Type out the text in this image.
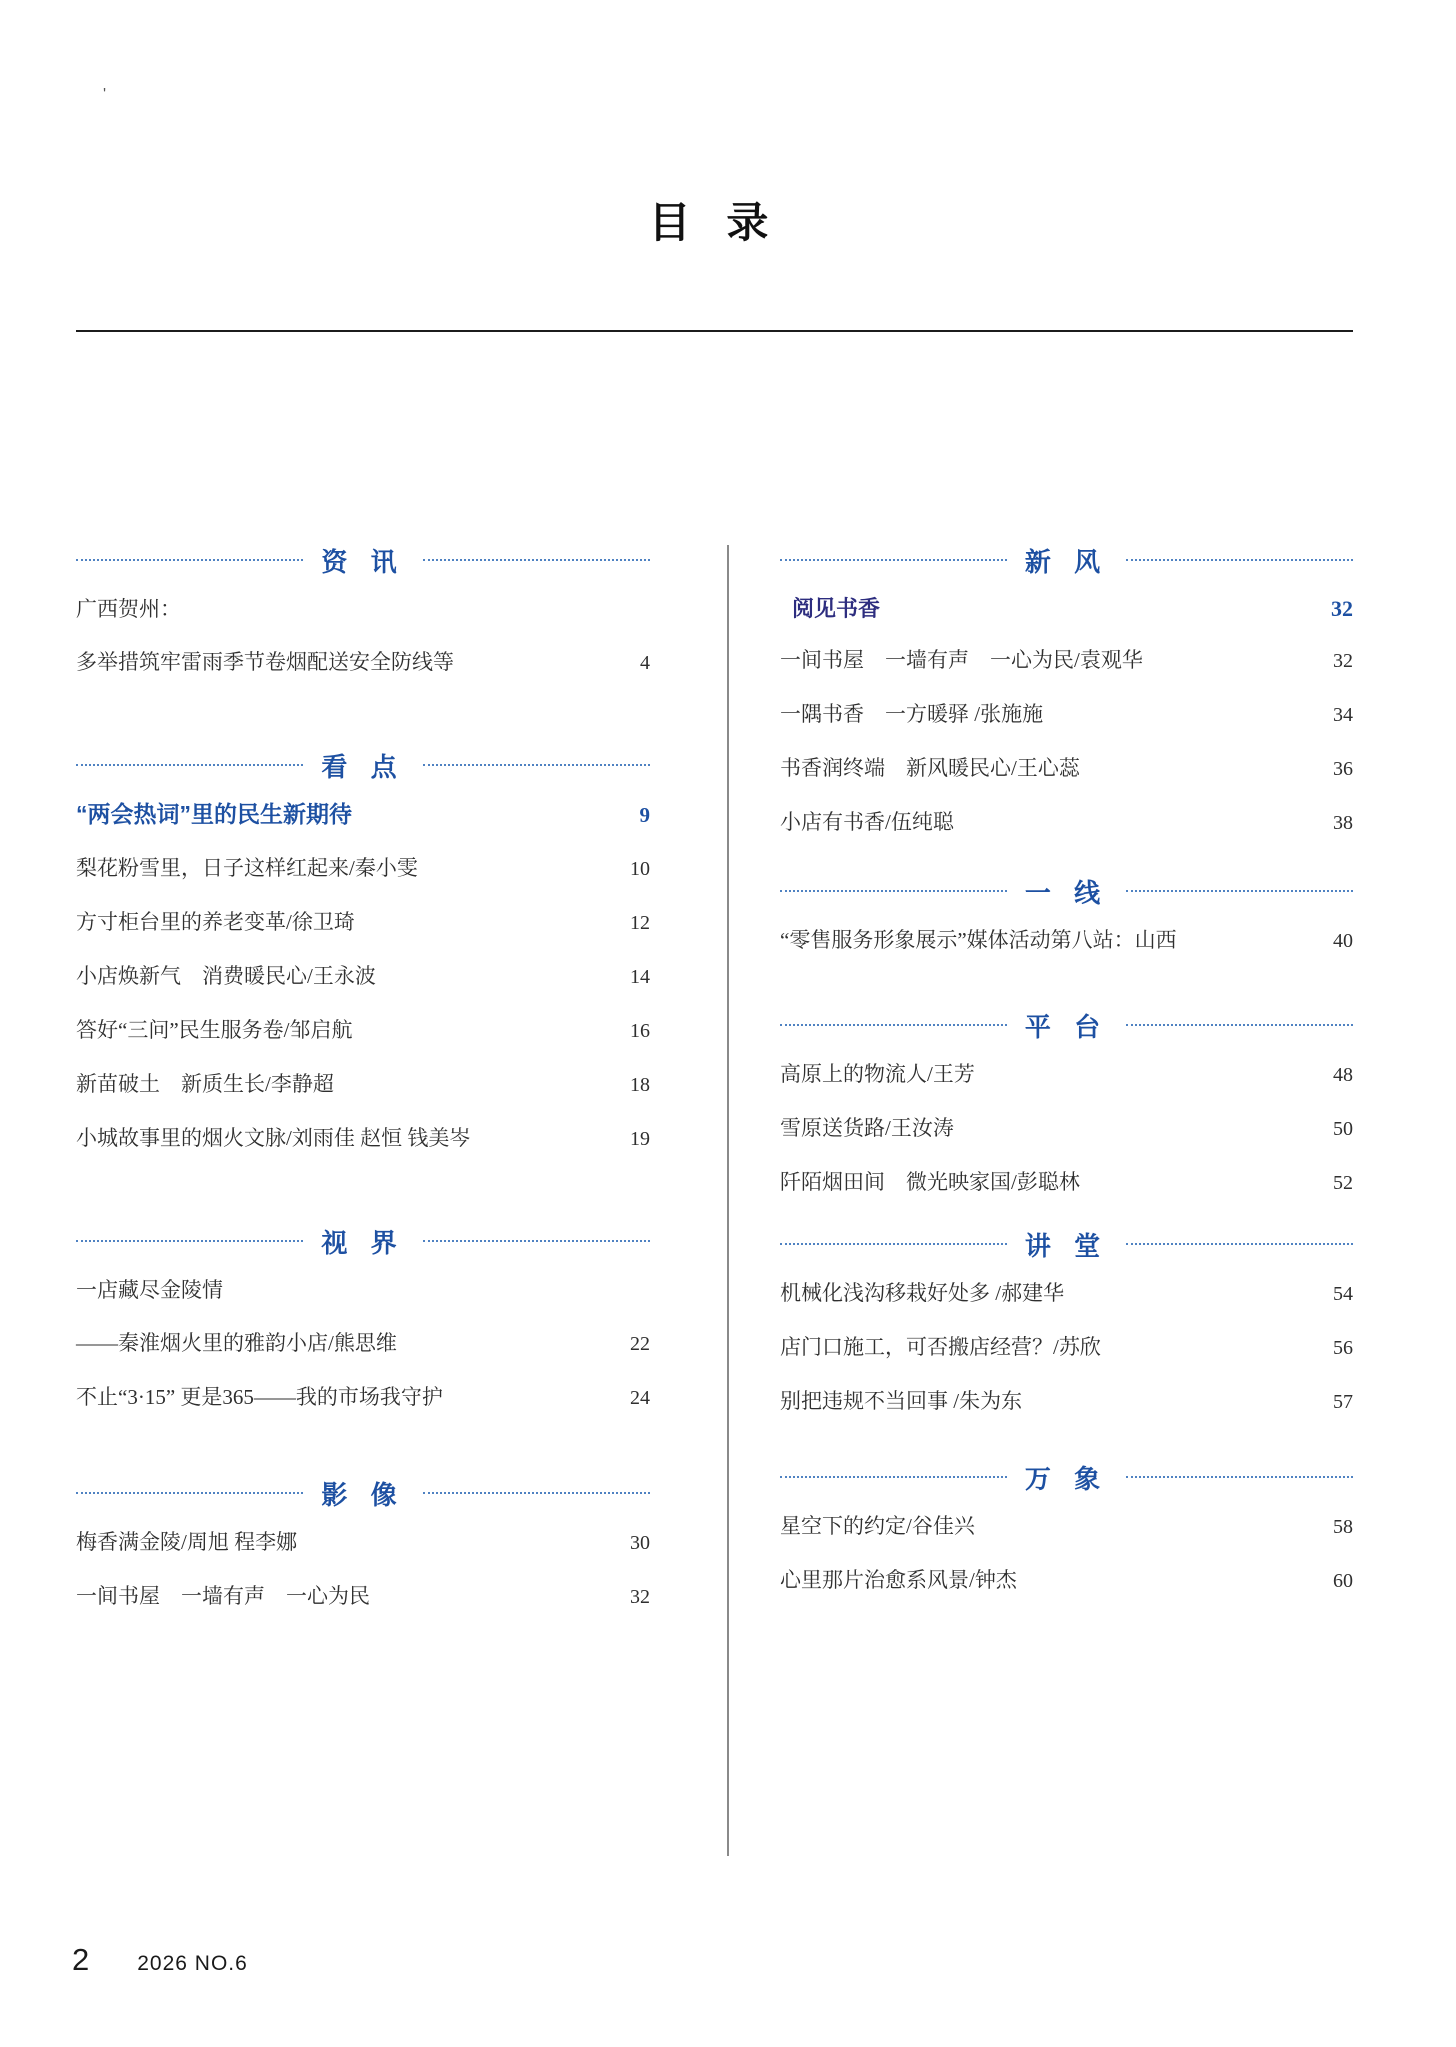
'
目 录
资 讯
广西贺州：
多举措筑牢雷雨季节卷烟配送安全防线等	4
看 点
“两会热词”里的民生新期待	9
梨花粉雪里，日子这样红起来/秦小雯	10
方寸柜台里的养老变革/徐卫琦	12
小店焕新气　消费暖民心/王永波	14
答好“三问”民生服务卷/邹启航	16
新苗破土　新质生长/李静超	18
小城故事里的烟火文脉/刘雨佳 赵恒 钱美岑	19
视 界
一店藏尽金陵情
——秦淮烟火里的雅韵小店/熊思维	22
不止“3·15” 更是365——我的市场我守护	24
影 像
梅香满金陵/周旭 程李娜	30
一间书屋　一墙有声　一心为民	32
新 风
阅见书香	32
一间书屋　一墙有声　一心为民/袁观华	32
一隅书香　一方暖驿 /张施施	34
书香润终端　新风暖民心/王心蕊	36
小店有书香/伍纯聪	38
一 线
“零售服务形象展示”媒体活动第八站：山西	40
平 台
高原上的物流人/王芳	48
雪原送货路/王汝涛	50
阡陌烟田间　微光映家国/彭聪林	52
讲 堂
机械化浅沟移栽好处多 /郝建华	54
店门口施工，可否搬店经营？/苏欣	56
别把违规不当回事 /朱为东	57
万 象
星空下的约定/谷佳兴	58
心里那片治愈系风景/钟杰	60
2 2026 NO.6
